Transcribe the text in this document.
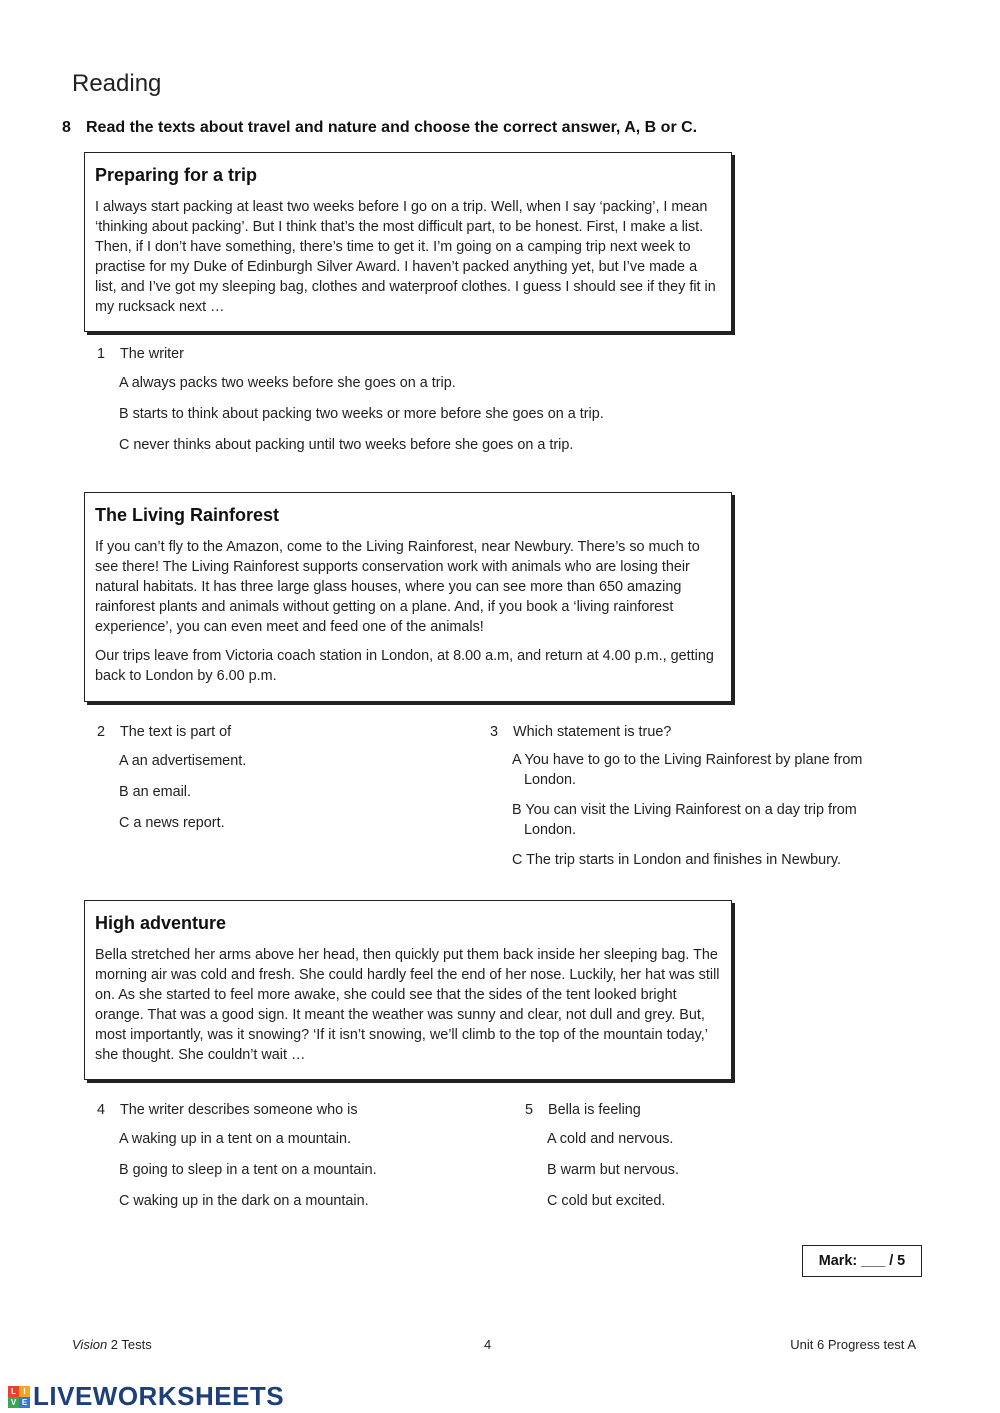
Reading
8 Read the texts about travel and nature and choose the correct answer, A, B or C.
Preparing for a trip

I always start packing at least two weeks before I go on a trip. Well, when I say ‘packing’, I mean ‘thinking about packing’. But I think that’s the most difficult part, to be honest. First, I make a list. Then, if I don’t have something, there’s time to get it. I’m going on a camping trip next week to practise for my Duke of Edinburgh Silver Award. I haven’t packed anything yet, but I’ve made a list, and I’ve got my sleeping bag, clothes and waterproof clothes. I guess I should see if they fit in my rucksack next …

1	The writer
A always packs two weeks before she goes on a trip.
B starts to think about packing two weeks or more before she goes on a trip.
C never thinks about packing until two weeks before she goes on a trip.
The Living Rainforest

If you can’t fly to the Amazon, come to the Living Rainforest, near Newbury. There’s so much to see there! The Living Rainforest supports conservation work with animals who are losing their natural habitats. It has three large glass houses, where you can see more than 650 amazing rainforest plants and animals without getting on a plane. And, if you book a ‘living rainforest experience’, you can even meet and feed one of the animals!

Our trips leave from Victoria coach station in London, at 8.00 a.m, and return at 4.00 p.m., getting back to London by 6.00 p.m.

2	The text is part of
A an advertisement.
B an email.
C a news report.
3	Which statement is true?
A You have to go to the Living Rainforest by plane from London.
B You can visit the Living Rainforest on a day trip from London.
C The trip starts in London and finishes in Newbury.
High adventure

Bella stretched her arms above her head, then quickly put them back inside her sleeping bag. The morning air was cold and fresh. She could hardly feel the end of her nose. Luckily, her hat was still on. As she started to feel more awake, she could see that the sides of the tent looked bright orange. That was a good sign. It meant the weather was sunny and clear, not dull and grey. But, most importantly, was it snowing? ‘If it isn’t snowing, we’ll climb to the top of the mountain today,’ she thought. She couldn’t wait …

4	The writer describes someone who is
A waking up in a tent on a mountain.
B going to sleep in a tent on a mountain.
C waking up in the dark on a mountain.
5	Bella is feeling
A cold and nervous.
B warm but nervous.
C cold but excited.
Mark: ___ / 5
Vision 2 Tests	4	Unit 6 Progress test A
L I
V E LIVEWORKSHEETS
